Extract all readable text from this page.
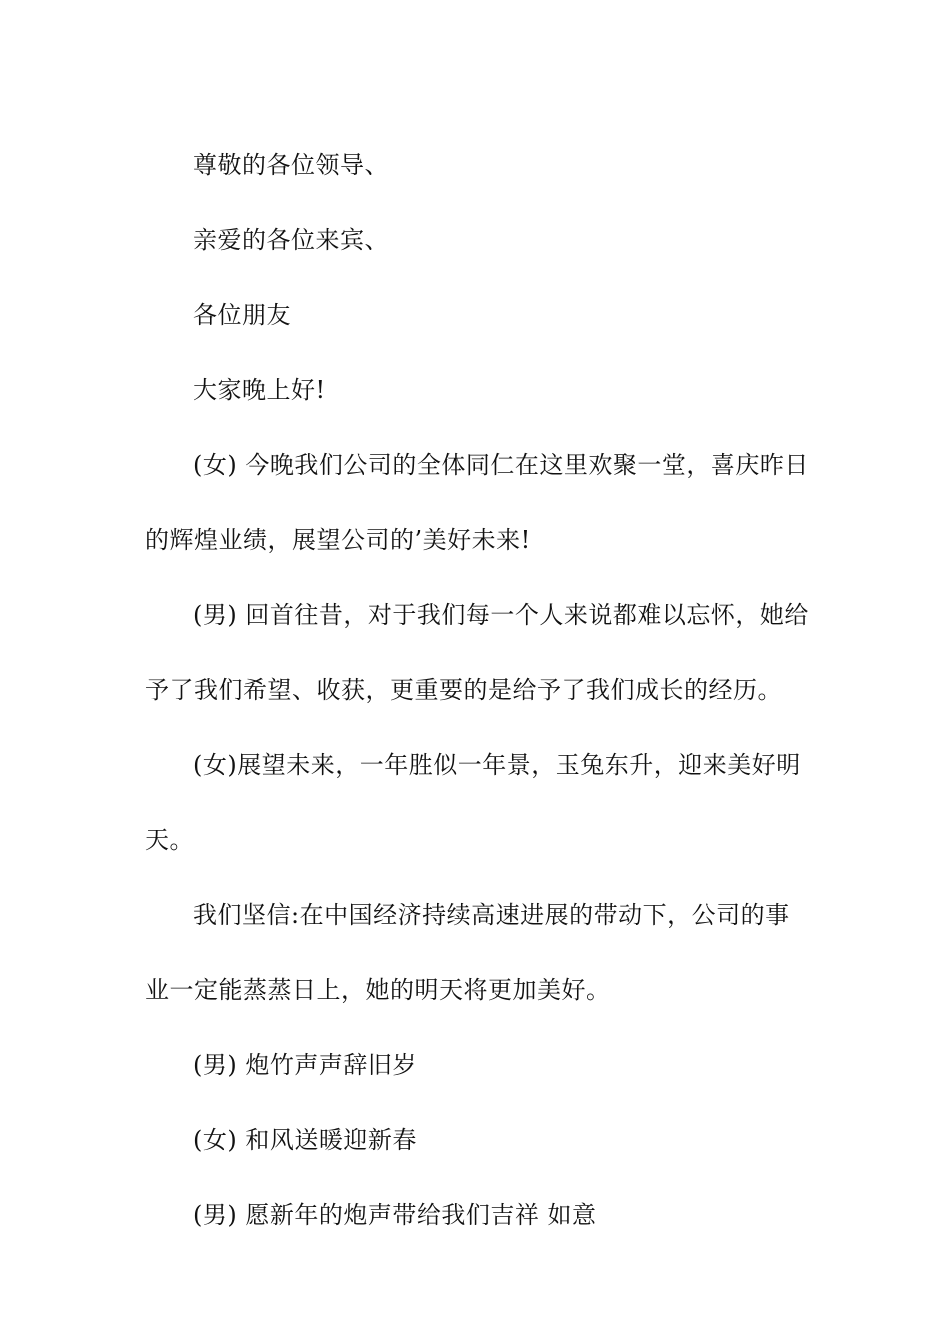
尊敬的各位领导、

亲爱的各位来宾、

各位朋友

大家晚上好!

(女) 今晚我们公司的全体同仁在这里欢聚一堂，喜庆昨日的辉煌业绩，展望公司的’美好未来!

(男) 回首往昔，对于我们每一个人来说都难以忘怀，她给予了我们希望、收获，更重要的是给予了我们成长的经历。

(女)展望未来，一年胜似一年景，玉兔东升，迎来美好明天。

我们坚信:在中国经济持续高速进展的带动下，公司的事业一定能蒸蒸日上，她的明天将更加美好。

(男) 炮竹声声辞旧岁

(女) 和风送暖迎新春

(男) 愿新年的炮声带给我们吉祥 如意
